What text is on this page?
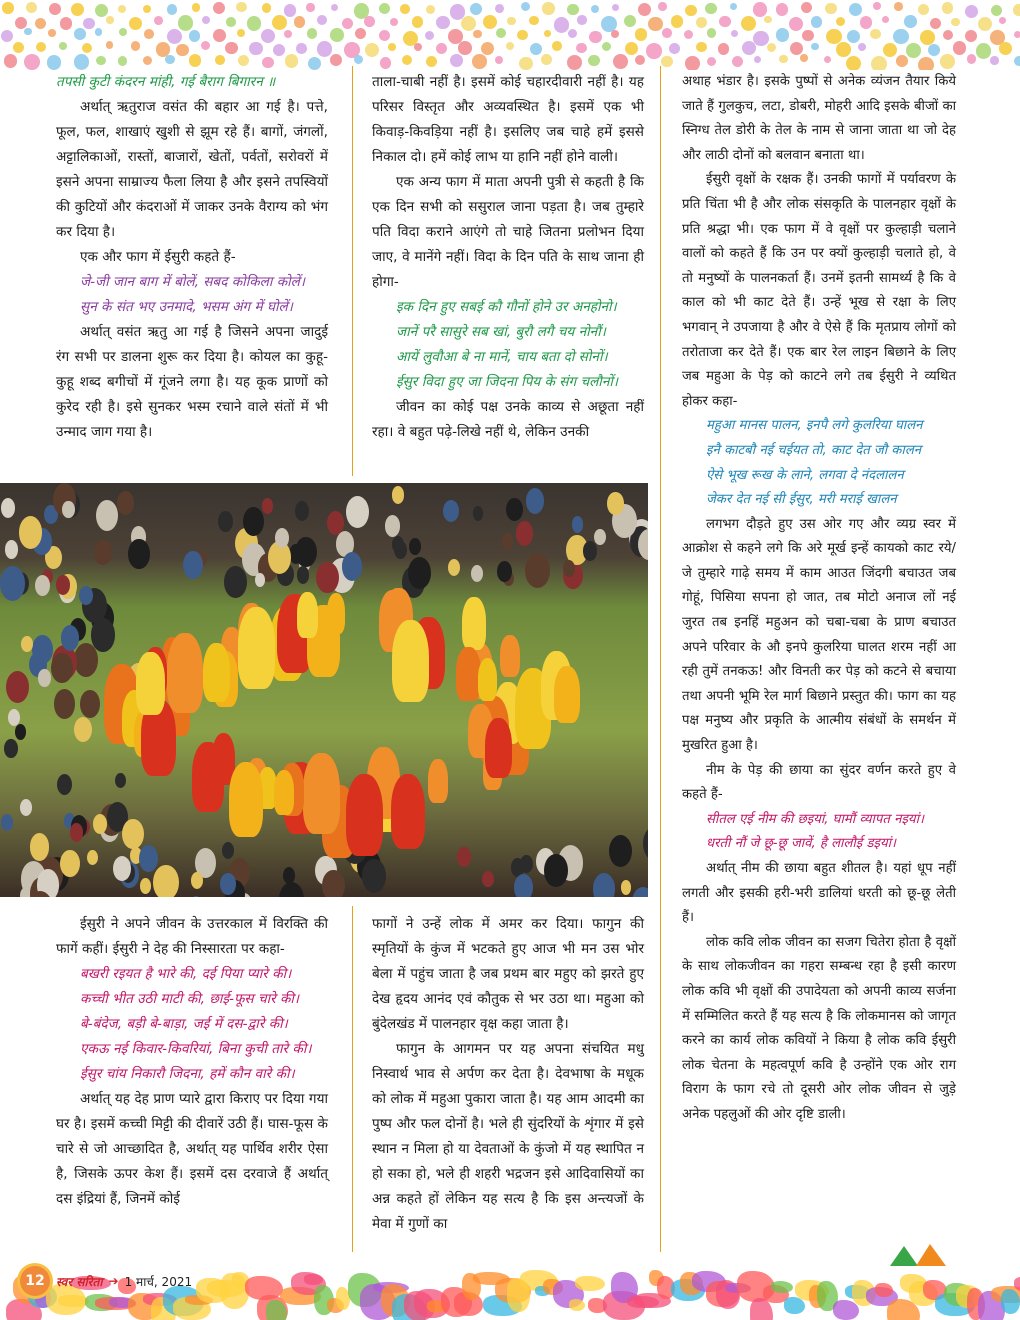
तपसी कुटी कंदरन मांही, गई बैराग बिगारन ॥

अर्थात् ऋतुराज वसंत की बहार आ गई है। पत्ते, फूल, फल, शाखाएं खुशी से झूम रहे हैं। बागों, जंगलों, अट्टालिकाओं, रास्तों, बाजारों, खेतों, पर्वतों, सरोवरों में इसने अपना साम्राज्य फैला लिया है और इसने तपस्वियों की कुटियों और कंदराओं में जाकर उनके वैराग्य को भंग कर दिया है।

एक और फाग में ईसुरी कहते हैं-

जे-जी जान बाग में बोलें, सबद कोकिला कोलें।

सुन के संत भए उनमादे, भसम अंग में घोलें।

अर्थात् वसंत ऋतु आ गई है जिसने अपना जादुई रंग सभी पर डालना शुरू कर दिया है। कोयल का कुहू-कुहू शब्द बगीचों में गूंजने लगा है। यह कूक प्राणों को कुरेद रही है। इसे सुनकर भस्म रचाने वाले संतों में भी उन्माद जाग गया है।

ताला-चाबी नहीं है। इसमें कोई चहारदीवारी नहीं है। यह परिसर विस्तृत और अव्यवस्थित है। इसमें एक भी किवाड़-किवड़िया नहीं है। इसलिए जब चाहे हमें इससे निकाल दो। हमें कोई लाभ या हानि नहीं होने वाली।

एक अन्य फाग में माता अपनी पुत्री से कहती है कि एक दिन सभी को ससुराल जाना पड़ता है। जब तुम्हारे पति विदा कराने आएंगे तो चाहे जितना प्रलोभन दिया जाए, वे मानेंगे नहीं। विदा के दिन पति के साथ जाना ही होगा-

इक दिन हुए सबई कौ गौनों होने उर अनहोनो।

जानें परै सासुरे सब खां, बुरौ लगै चय नोनौं।

आयें लुवौआ बे ना मानें, चाय बता दो सोनों।

ईसुर विदा हुए जा जिदना पिय के संग चलौनों।

जीवन का कोई पक्ष उनके काव्य से अछूता नहीं रहा। वे बहुत पढ़े-लिखे नहीं थे, लेकिन उनकी

अथाह भंडार है। इसके पुष्पों से अनेक व्यंजन तैयार किये जाते हैं गुलकुच, लटा, डोबरी, मोहरी आदि इसके बीजों का स्निग्ध तेल डोरी के तेल के नाम से जाना जाता था जो देह और लाठी दोनों को बलवान बनाता था।

ईसुरी वृक्षों के रक्षक हैं। उनकी फागों में पर्यावरण के प्रति चिंता भी है और लोक संसकृति के पालनहार वृक्षों के प्रति श्रद्धा भी। एक फाग में वे वृक्षों पर कुल्हाड़ी चलाने वालों को कहते हैं कि उन पर क्यों कुल्हाड़ी चलाते हो, वे तो मनुष्यों के पालनकर्ता हैं। उनमें इतनी सामर्थ्य है कि वे काल को भी काट देते हैं। उन्हें भूख से रक्षा के लिए भगवान् ने उपजाया है और वे ऐसे हैं कि मृतप्राय लोगों को तरोताजा कर देते हैं। एक बार रेल लाइन बिछाने के लिए जब महुआ के पेड़ को काटने लगे तब ईसुरी ने व्यथित होकर कहा-

महुआ मानस पालन, इनपै लगे कुलरिया घालन

इनै काटबौ नई चईयत तो, काट देत जौ कालन

ऐसे भूख रूख के लाने, लगवा दे नंदलालन

जेकर देत नई सी ईसुर, मरी मराई खालन

लगभग दौड़ते हुए उस ओर गए और व्यग्र स्वर में आक्रोश से कहने लगे कि अरे मूर्ख इन्हें कायको काट रये/जे तुम्हारे गाढ़े समय में काम आउत जिंदगी बचाउत जब गोहूं, पिसिया सपना हो जात, तब मोटो अनाज लों नई जुरत तब इनहिं महुअन को चबा-चबा के प्राण बचाउत अपने परिवार के औ इनपे कुलरिया घालत शरम नहीं आ रही तुमें तनकऊ! और विनती कर पेड़ को कटने से बचाया तथा अपनी भूमि रेल मार्ग बिछाने प्रस्तुत की। फाग का यह पक्ष मनुष्य और प्रकृति के आत्मीय संबंधों के समर्थन में मुखरित हुआ है।

नीम के पेड़ की छाया का सुंदर वर्णन करते हुए वे कहते हैं-

सीतल एई नीम की छइयां, घामौं व्यापत नइयां।

धरती नौं जे छू-छू जावें, है लालौई डइयां।

अर्थात् नीम की छाया बहुत शीतल है। यहां धूप नहीं लगती और इसकी हरी-भरी डालियां धरती को छू-छू लेती हैं।

लोक कवि लोक जीवन का सजग चितेरा होता है वृक्षों के साथ लोकजीवन का गहरा सम्बन्ध रहा है इसी कारण लोक कवि भी वृक्षों की उपादेयता को अपनी काव्य सर्जना में सम्मिलित करते हैं यह सत्य है कि लोकमानस को जागृत करने का कार्य लोक कवियों ने किया है लोक कवि ईसुरी लोक चेतना के महत्वपूर्ण कवि है उन्होंने एक ओर राग विराग के फाग रचे तो दूसरी ओर लोक जीवन से जुड़े अनेक पहलुओं की ओर दृष्टि डाली।

ईसुरी ने अपने जीवन के उत्तरकाल में विरक्ति की फागें कहीं। ईसुरी ने देह की निस्सारता पर कहा-

बखरी रइयत है भारे की, दई पिया प्यारे की।

कच्ची भीत उठी माटी की, छाई-फूस चारे की।

बे-बंदेज, बड़ी बे-बाड़ा, जई में दस-द्वारे की।

एकऊ नई किवार-किवरियां, बिना कुची तारे की।

ईसुर चांय निकारौ जिदना, हमें कौन वारे की।

अर्थात् यह देह प्राण प्यारे द्वारा किराए पर दिया गया घर है। इसमें कच्ची मिट्टी की दीवारें उठी हैं। घास-फूस के चारे से जो आच्छादित है, अर्थात् यह पार्थिव शरीर ऐसा है, जिसके ऊपर केश हैं। इसमें दस दरवाजे हैं अर्थात् दस इंद्रियां हैं, जिनमें कोई

फागों ने उन्हें लोक में अमर कर दिया। फागुन की स्मृतियों के कुंज में भटकते हुए आज भी मन उस भोर बेला में पहुंच जाता है जब प्रथम बार महुए को झरते हुए देख हृदय आनंद एवं कौतुक से भर उठा था। महुआ को बुंदेलखंड में पालनहार वृक्ष कहा जाता है।

फागुन के आगमन पर यह अपना संचयित मधु निस्वार्थ भाव से अर्पण कर देता है। देवभाषा के मधूक को लोक में महुआ पुकारा जाता है। यह आम आदमी का पुष्प और फल दोनों है। भले ही सुंदरियों के शृंगार में इसे स्थान न मिला हो या देवताओं के कुंजो में यह स्थापित न हो सका हो, भले ही शहरी भद्रजन इसे आदिवासियों का अन्न कहते हों लेकिन यह सत्य है कि इस अन्त्यजों के मेवा में गुणों का

12 स्वर सरिता ➔ 1 मार्च, 2021
